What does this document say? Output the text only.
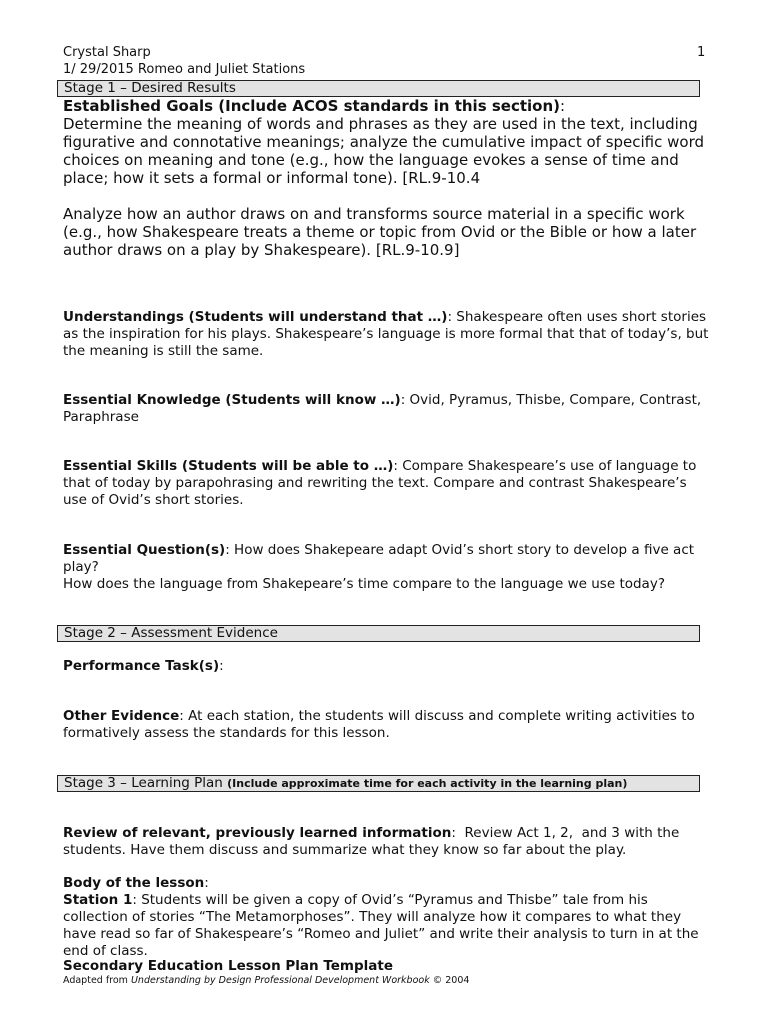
Crystal Sharp
1/ 29/2015 Romeo and Juliet Stations
1
Stage 1 – Desired Results
Established Goals (Include ACOS standards in this section):
Determine the meaning of words and phrases as they are used in the text, including figurative and connotative meanings; analyze the cumulative impact of specific word choices on meaning and tone (e.g., how the language evokes a sense of time and place; how it sets a formal or informal tone). [RL.9-10.4
Analyze how an author draws on and transforms source material in a specific work (e.g., how Shakespeare treats a theme or topic from Ovid or the Bible or how a later author draws on a play by Shakespeare). [RL.9-10.9]
Understandings (Students will understand that …): Shakespeare often uses short stories as the inspiration for his plays. Shakespeare’s language is more formal that that of today’s, but the meaning is still the same.
Essential Knowledge (Students will know …): Ovid, Pyramus, Thisbe, Compare, Contrast,      Paraphrase
Essential Skills (Students will be able to …): Compare Shakespeare’s use of language to that of today by parapohrasing and rewriting the text. Compare and contrast Shakespeare’s use of Ovid’s short stories.
Essential Question(s): How does Shakepeare adapt Ovid’s short story to develop a five act play?
How does the language from Shakepeare’s time compare to the language we use today?
Stage 2 – Assessment Evidence
Performance Task(s):
Other Evidence: At each station, the students will discuss and complete writing activities to formatively assess the standards for this lesson.
Stage 3 – Learning Plan (Include approximate time for each activity in the learning plan)
Review of relevant, previously learned information:  Review Act 1, 2,  and 3 with the students. Have them discuss and summarize what they know so far about the play.
Body of the lesson:
Station 1: Students will be given a copy of Ovid’s “Pyramus and Thisbe” tale from his collection of stories “The Metamorphoses”. They will analyze how it compares to what they have read so far of Shakespeare’s “Romeo and Juliet” and write their analysis to turn in at the end of class.
Secondary Education Lesson Plan Template
Adapted from Understanding by Design Professional Development Workbook © 2004
